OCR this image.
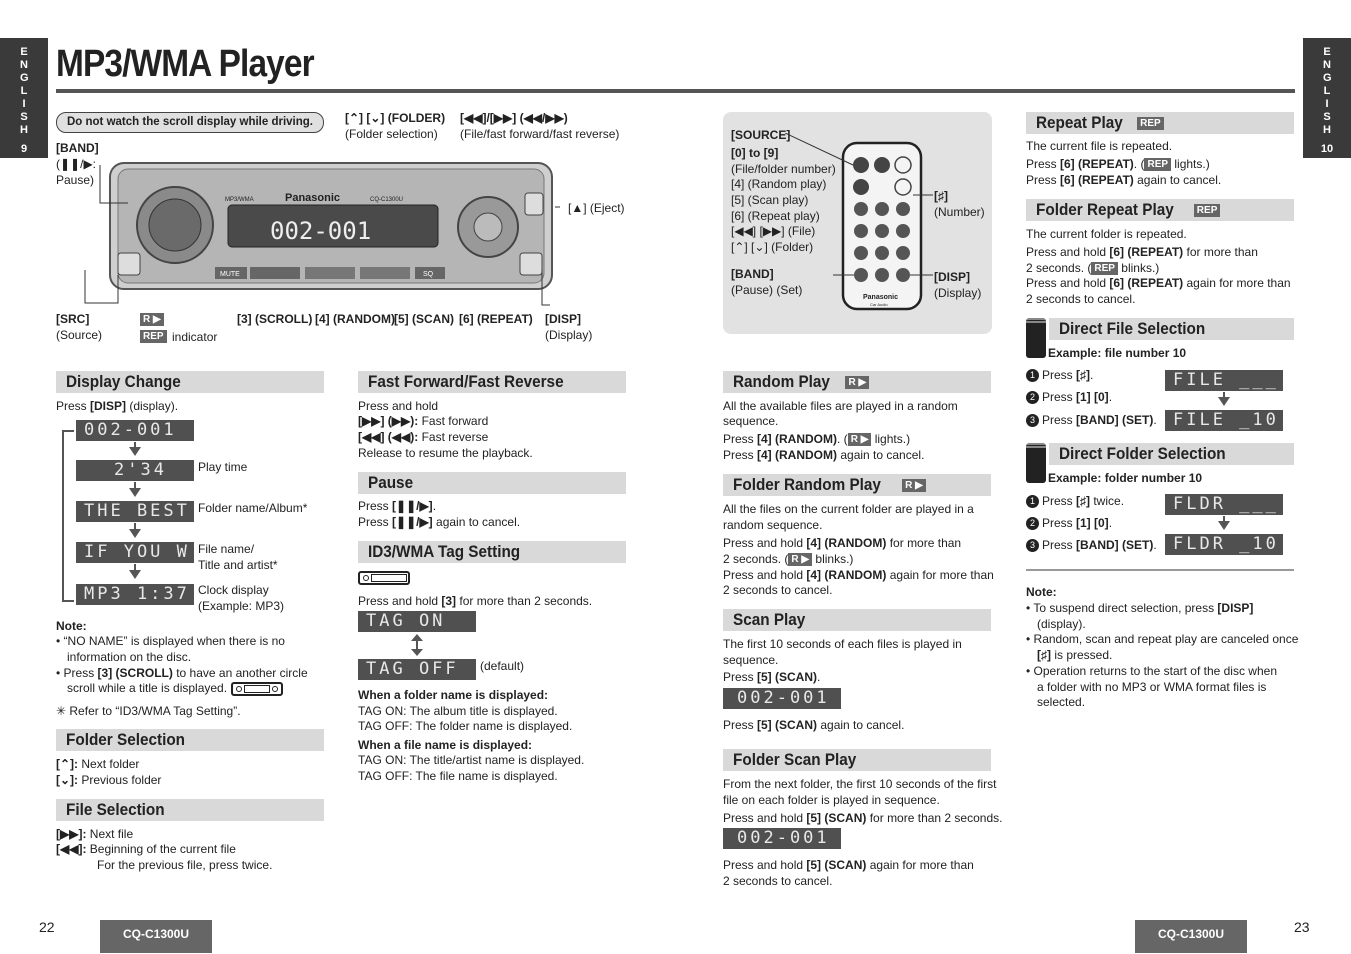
ENGLISH
9
ENGLISH
10
MP3/WMA Player
Do not watch the scroll display while driving.
[BAND]
(❚❚/▶:
Pause)
[⌃] [⌄] (FOLDER)
(Folder selection)
[◀◀]/[▶▶] (◀◀/▶▶)
(File/fast forward/fast reverse)
[▲] (Eject)
[SRC]
(Source)
R ▶
REP indicator
[3] (SCROLL) [4] (RANDOM) [5] (SCAN) [6] (REPEAT) [DISP]
(Display)
002-001
Panasonic	CQ-C1300U
MP3/WMA
MUTE	SQ
[SOURCE]
[0] to [9]
(File/folder number)
[4] (Random play)
[5] (Scan play)
[6] (Repeat play)
[◀◀] [▶▶] (File)
[⌃] [⌄] (Folder)
[BAND]
(Pause) (Set)
[♯]
(Number)
[DISP]
(Display)
Panasonic
Car Audio
Display Change
Press [DISP] (display).
002-001
2'34	Play time
THE BEST Folder name/Album*
IF YOU W File name/
Title and artist*
MP3 1:37 Clock display
(Example: MP3)
Note:
• “NO NAME” is displayed when there is no
information on the disc.
• Press [3] (SCROLL) to have an another circle
scroll while a title is displayed.
✳ Refer to “ID3/WMA Tag Setting”.
Folder Selection
[⌃]: Next folder
[⌄]: Previous folder
File Selection
[▶▶]: Next file
[◀◀]: Beginning of the current file
For the previous file, press twice.
Fast Forward/Fast Reverse
Press and hold
[▶▶] (▶▶): Fast forward
[◀◀] (◀◀): Fast reverse
Release to resume the playback.
Pause
Press [❚❚/▶].
Press [❚❚/▶] again to cancel.
ID3/WMA Tag Setting
Press and hold [3] for more than 2 seconds.
TAG ON
TAG OFF	(default)
When a folder name is displayed:
TAG ON: The album title is displayed.
TAG OFF: The folder name is displayed.
When a file name is displayed:
TAG ON: The title/artist name is displayed.
TAG OFF: The file name is displayed.
Random Play R ▶
All the available files are played in a random
sequence.
Press [4] (RANDOM). ( R ▶ lights.)
Press [4] (RANDOM) again to cancel.
Folder Random Play R ▶
All the files on the current folder are played in a
random sequence.
Press and hold [4] (RANDOM) for more than
2 seconds. ( R ▶ blinks.)
Press and hold [4] (RANDOM) again for more than
2 seconds to cancel.
Scan Play
The first 10 seconds of each files is played in
sequence.
Press [5] (SCAN).
002-001
Press [5] (SCAN) again to cancel.
Folder Scan Play
From the next folder, the first 10 seconds of the first
file on each folder is played in sequence.
Press and hold [5] (SCAN) for more than 2 seconds.
002-001
Press and hold [5] (SCAN) again for more than
2 seconds to cancel.
Repeat Play REP
The current file is repeated.
Press [6] (REPEAT). ( REP lights.)
Press [6] (REPEAT) again to cancel.
Folder Repeat Play REP
The current folder is repeated.
Press and hold [6] (REPEAT) for more than
2 seconds. ( REP blinks.)
Press and hold [6] (REPEAT) again for more than
2 seconds to cancel.
Direct File Selection
Example: file number 10
1 Press [♯].
2 Press [1] [0].
3 Press [BAND] (SET).
FILE ___
FILE _10
Direct Folder Selection
Example: folder number 10
1 Press [♯] twice.
2 Press [1] [0].
3 Press [BAND] (SET).
FLDR ___
FLDR _10
Note:
• To suspend direct selection, press [DISP]
(display).
• Random, scan and repeat play are canceled once
[♯] is pressed.
• Operation returns to the start of the disc when
a folder with no MP3 or WMA format files is
selected.
22	CQ-C1300U	CQ-C1300U	23
